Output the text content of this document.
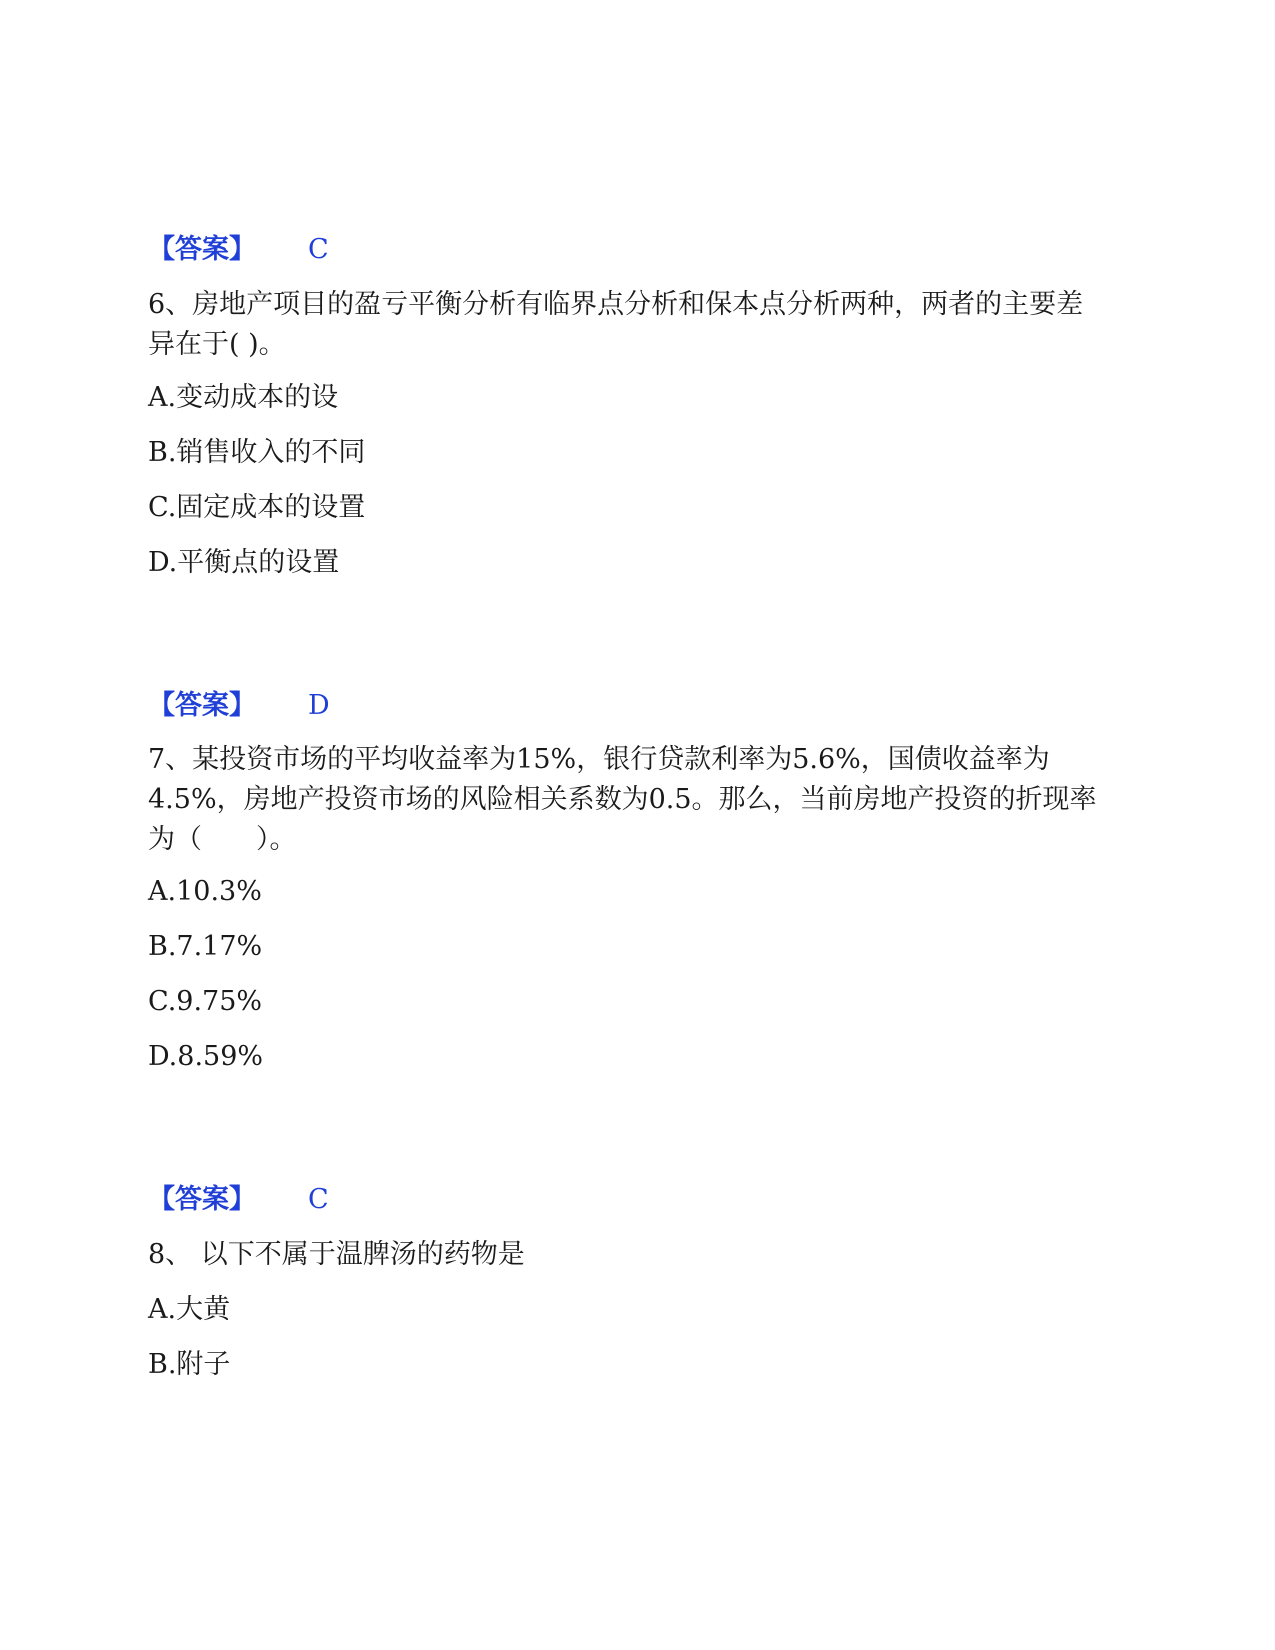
【答案】 C
6、房地产项目的盈亏平衡分析有临界点分析和保本点分析两种，两者的主要差异在于( )。
A.变动成本的设
B.销售收入的不同
C.固定成本的设置
D.平衡点的设置
【答案】 D
7、某投资市场的平均收益率为15%，银行贷款利率为5.6%，国债收益率为4.5%，房地产投资市场的风险相关系数为0.5。那么，当前房地产投资的折现率为（　　）。
A.10.3%
B.7.17%
C.9.75%
D.8.59%
【答案】 C
8、 以下不属于温脾汤的药物是
A.大黄
B.附子
